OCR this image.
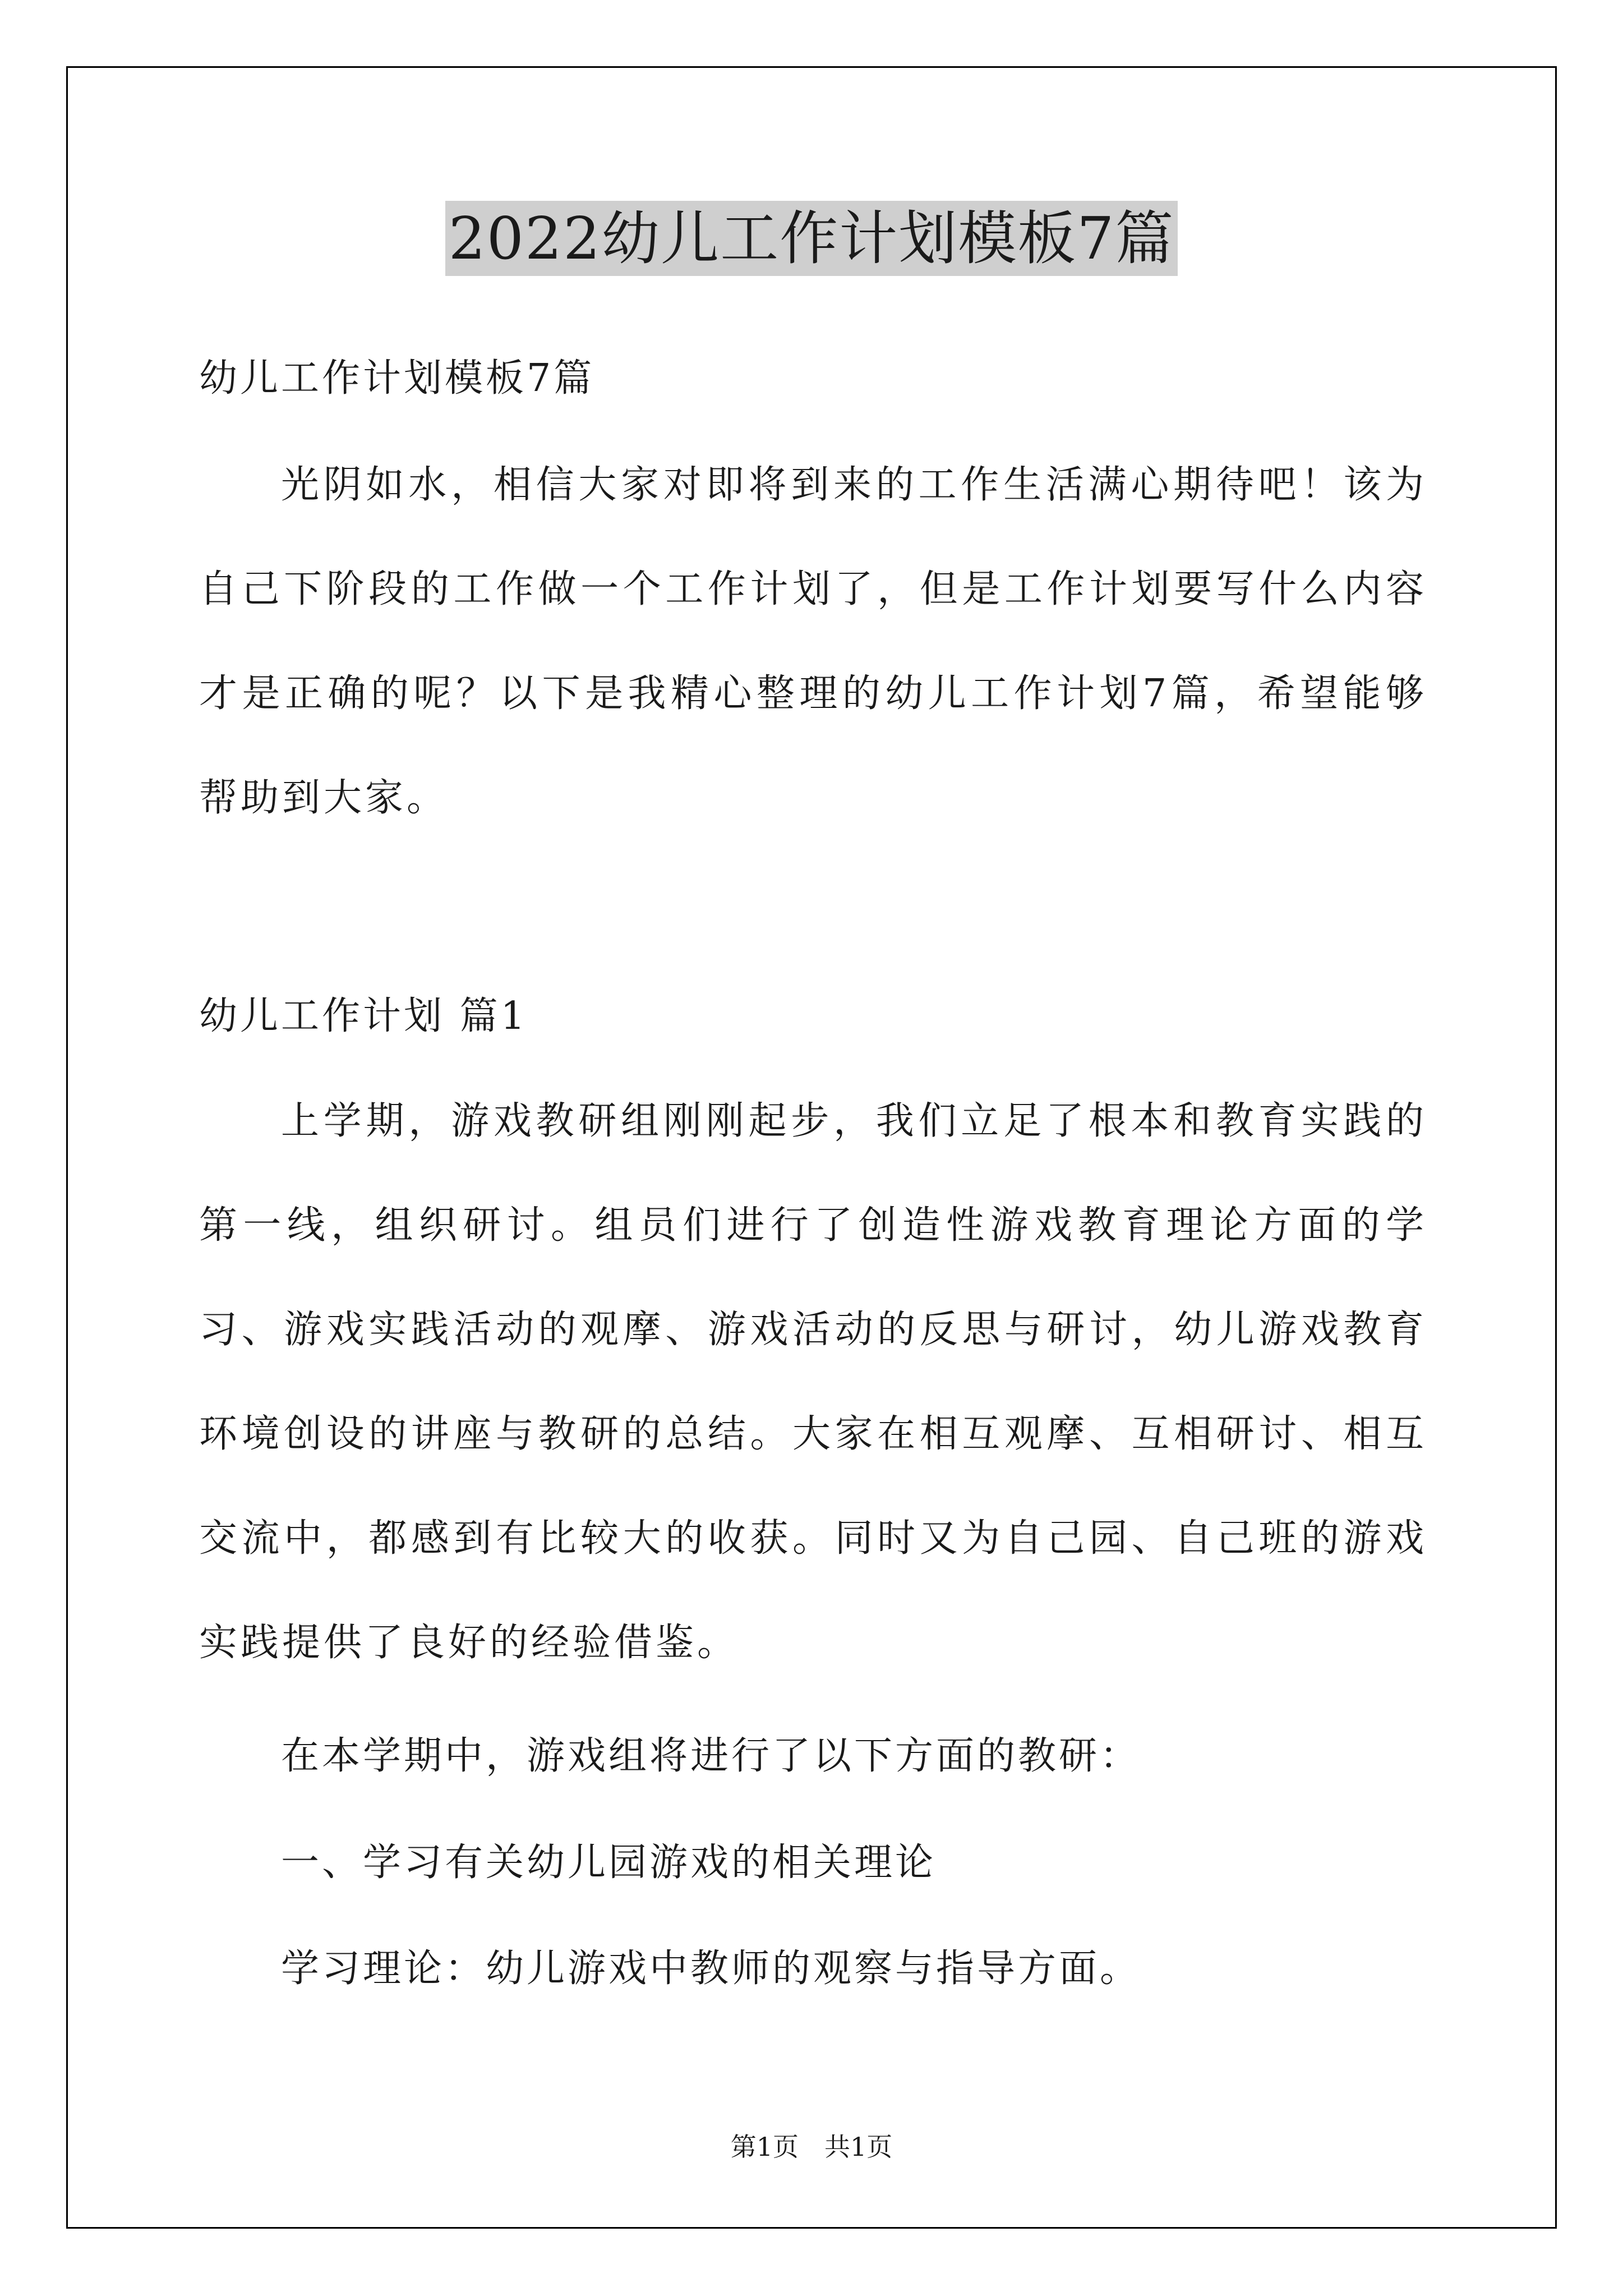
2022幼儿工作计划模板7篇

幼儿工作计划模板7篇

光阴如水，相信大家对即将到来的工作生活满心期待吧！该为自己下阶段的工作做一个工作计划了，但是工作计划要写什么内容才是正确的呢？以下是我精心整理的幼儿工作计划7篇，希望能够帮助到大家。

幼儿工作计划 篇1

上学期，游戏教研组刚刚起步，我们立足了根本和教育实践的第一线，组织研讨。组员们进行了创造性游戏教育理论方面的学习、游戏实践活动的观摩、游戏活动的反思与研讨，幼儿游戏教育环境创设的讲座与教研的总结。大家在相互观摩、互相研讨、相互交流中，都感到有比较大的收获。同时又为自己园、自己班的游戏实践提供了良好的经验借鉴。

在本学期中，游戏组将进行了以下方面的教研：

一、学习有关幼儿园游戏的相关理论

学习理论：幼儿游戏中教师的观察与指导方面。

第1页　共1页
